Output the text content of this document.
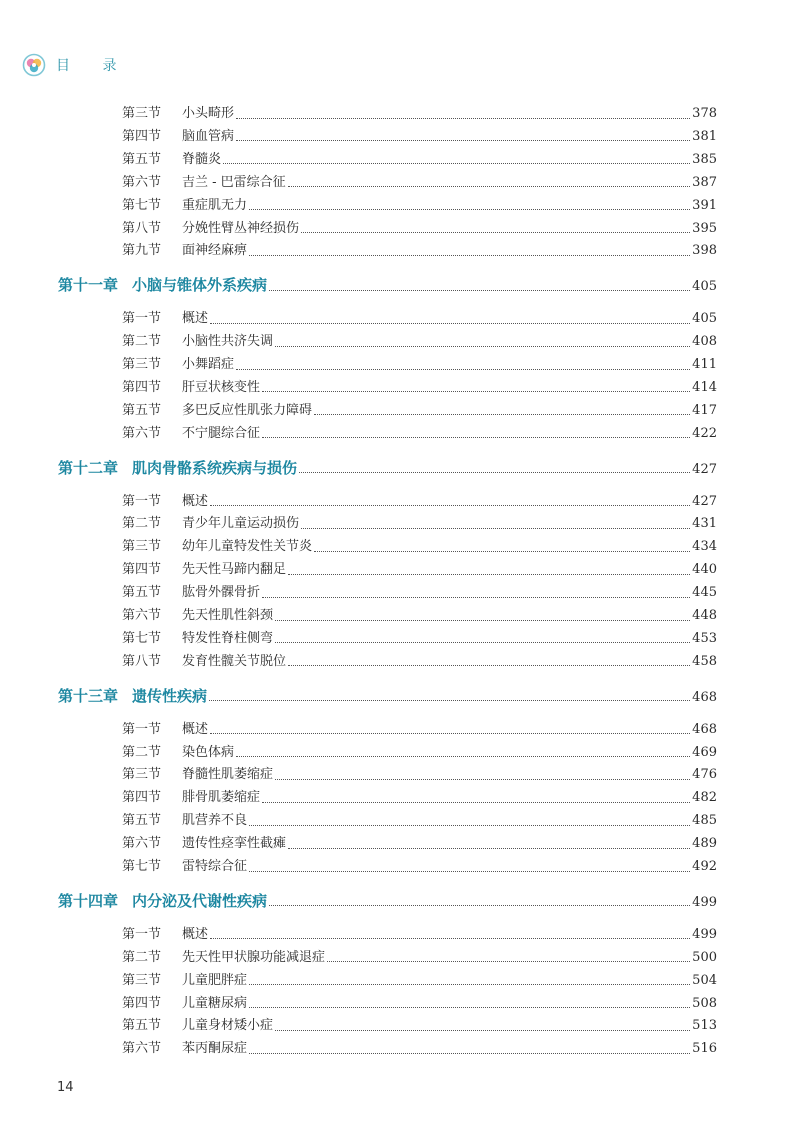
目 录
第三节	小头畸形	378
第四节	脑血管病	381
第五节	脊髓炎	385
第六节	吉兰 - 巴雷综合征	387
第七节	重症肌无力	391
第八节	分娩性臂丛神经损伤	395
第九节	面神经麻痹	398
第十一章 小脑与锥体外系疾病	405
第一节	概述	405
第二节	小脑性共济失调	408
第三节	小舞蹈症	411
第四节	肝豆状核变性	414
第五节	多巴反应性肌张力障碍	417
第六节	不宁腿综合征	422
第十二章 肌肉骨骼系统疾病与损伤	427
第一节	概述	427
第二节	青少年儿童运动损伤	431
第三节	幼年儿童特发性关节炎	434
第四节	先天性马蹄内翻足	440
第五节	肱骨外髁骨折	445
第六节	先天性肌性斜颈	448
第七节	特发性脊柱侧弯	453
第八节	发育性髋关节脱位	458
第十三章 遗传性疾病	468
第一节	概述	468
第二节	染色体病	469
第三节	脊髓性肌萎缩症	476
第四节	腓骨肌萎缩症	482
第五节	肌营养不良	485
第六节	遗传性痉挛性截瘫	489
第七节	雷特综合征	492
第十四章 内分泌及代谢性疾病	499
第一节	概述	499
第二节	先天性甲状腺功能减退症	500
第三节	儿童肥胖症	504
第四节	儿童糖尿病	508
第五节	儿童身材矮小症	513
第六节	苯丙酮尿症	516
14
